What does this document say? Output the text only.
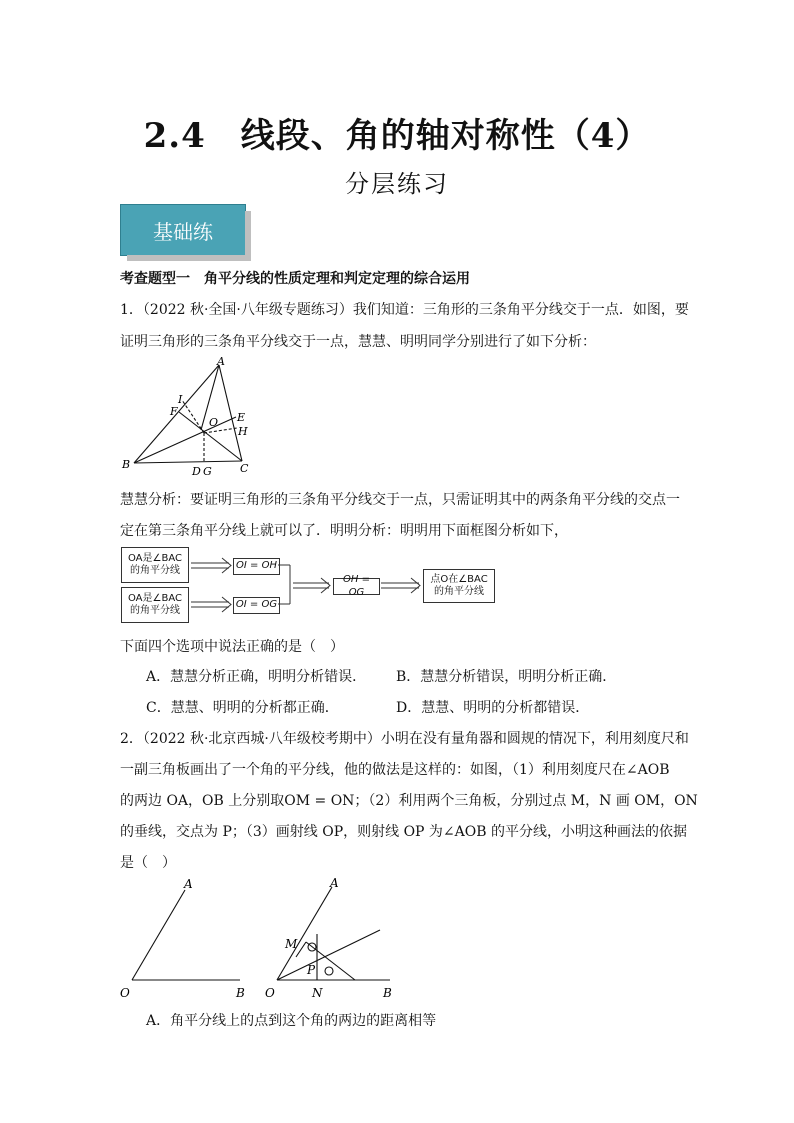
2.4　线段、角的轴对称性（4）
分层练习
基础练
考查题型一　角平分线的性质定理和判定定理的综合运用
1．（2022 秋·全国·八年级专题练习）我们知道：三角形的三条角平分线交于一点．如图，要
证明三角形的三条角平分线交于一点，慧慧、明明同学分别进行了如下分析：
A
I
F
O E
H
B
D G	C
慧慧分析：要证明三角形的三条角平分线交于一点，只需证明其中的两条角平分线的交点一
定在第三条角平分线上就可以了．明明分析：明明用下面框图分析如下，
OA是∠BAC
的角平分线
OA是∠BAC
的角平分线
OI = OH
OI = OG
OH = OG
点O在∠BAC
的角平分线
下面四个选项中说法正确的是（　）
A．慧慧分析正确，明明分析错误． B．慧慧分析错误，明明分析正确．
C．慧慧、明明的分析都正确．	D．慧慧、明明的分析都错误．
2．（2022 秋·北京西城·八年级校考期中）小明在没有量角器和圆规的情况下，利用刻度尺和
一副三角板画出了一个角的平分线，他的做法是这样的：如图，（1）利用刻度尺在∠AOB
的两边 OA，OB 上分别取OM = ON；（2）利用两个三角板，分别过点 M，N 画 OM，ON
的垂线，交点为 P；（3）画射线 OP，则射线 OP 为∠AOB 的平分线，小明这种画法的依据
是（　）
A
O	B
A
M
P
O	N	B
A．角平分线上的点到这个角的两边的距离相等
